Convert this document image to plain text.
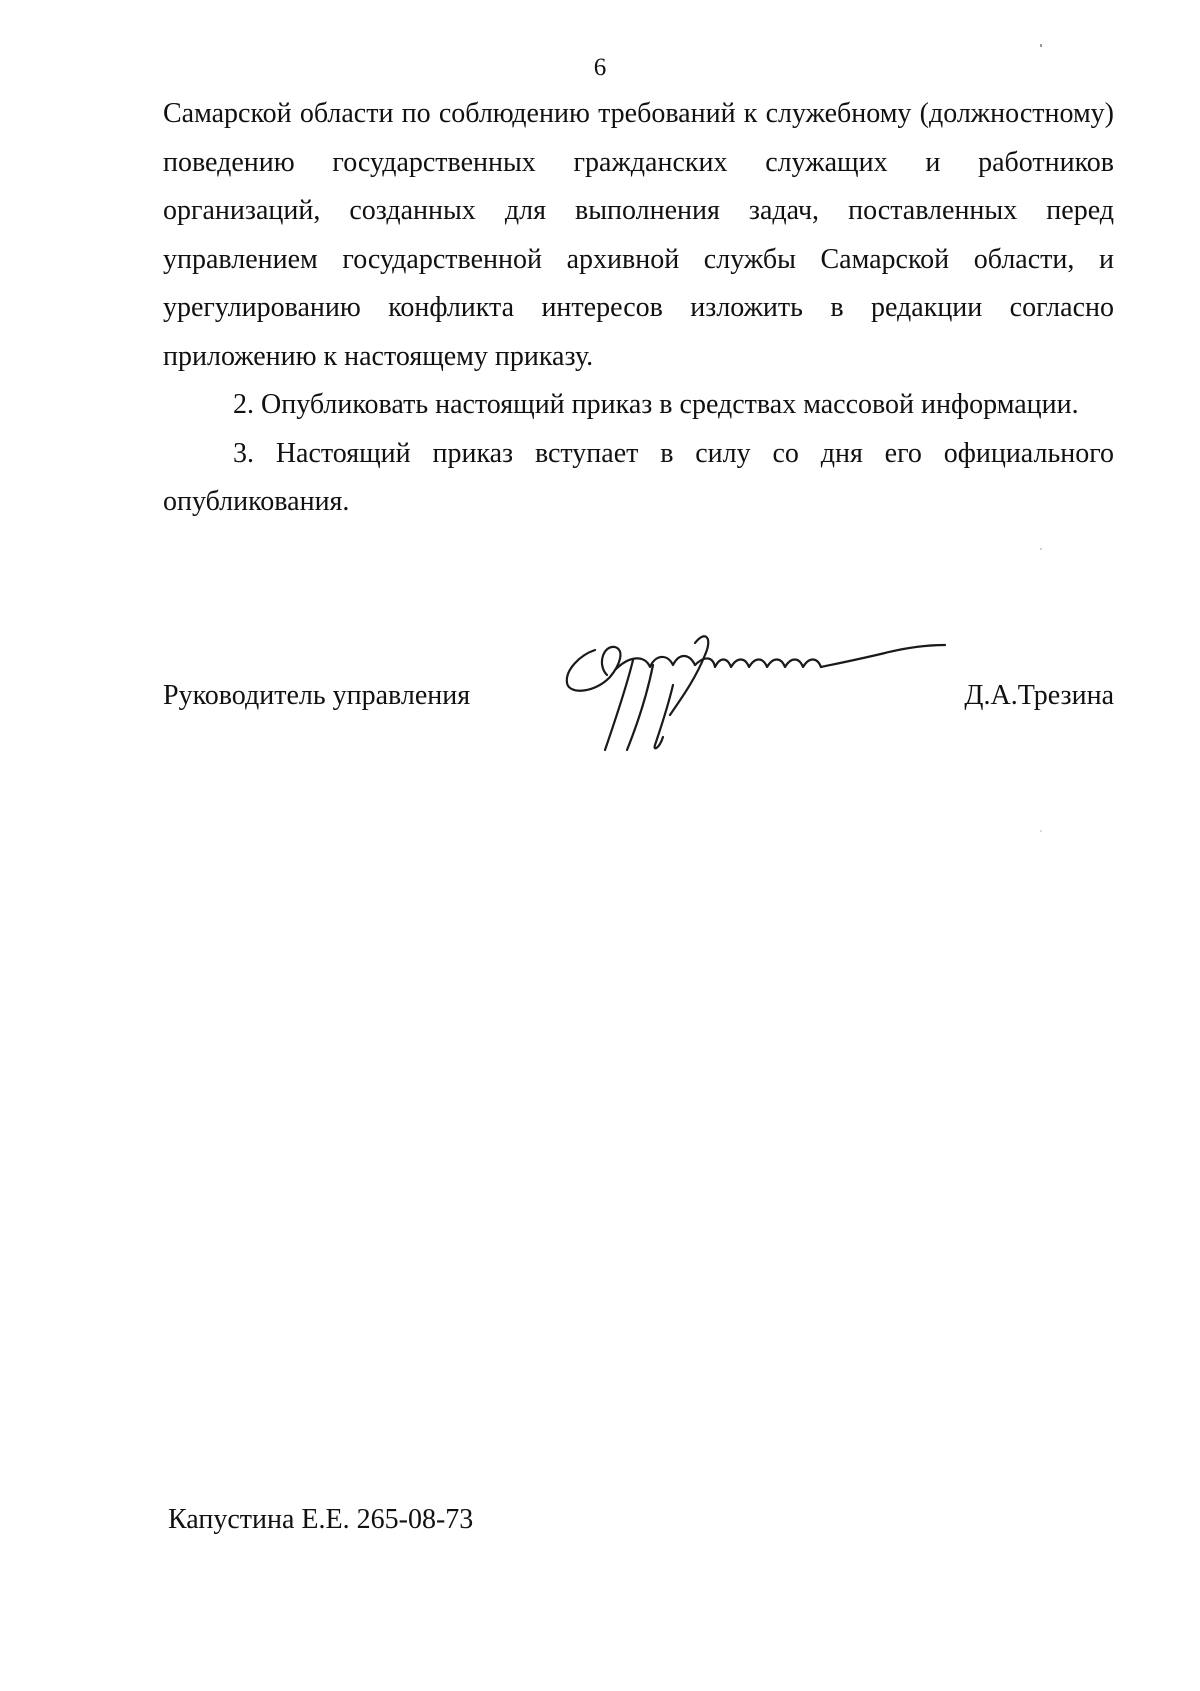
6

Самарской области по соблюдению требований к служебному (должностному) поведению государственных гражданских служащих и работников организаций, созданных для выполнения задач, поставленных перед управлением государственной архивной службы Самарской области, и урегулированию конфликта интересов изложить в редакции согласно приложению к настоящему приказу.

2. Опубликовать настоящий приказ в средствах массовой информации.

3. Настоящий приказ вступает в силу со дня его официального опубликования.

Руководитель управления	Д.А.Трезина
Капустина Е.Е. 265-08-73
